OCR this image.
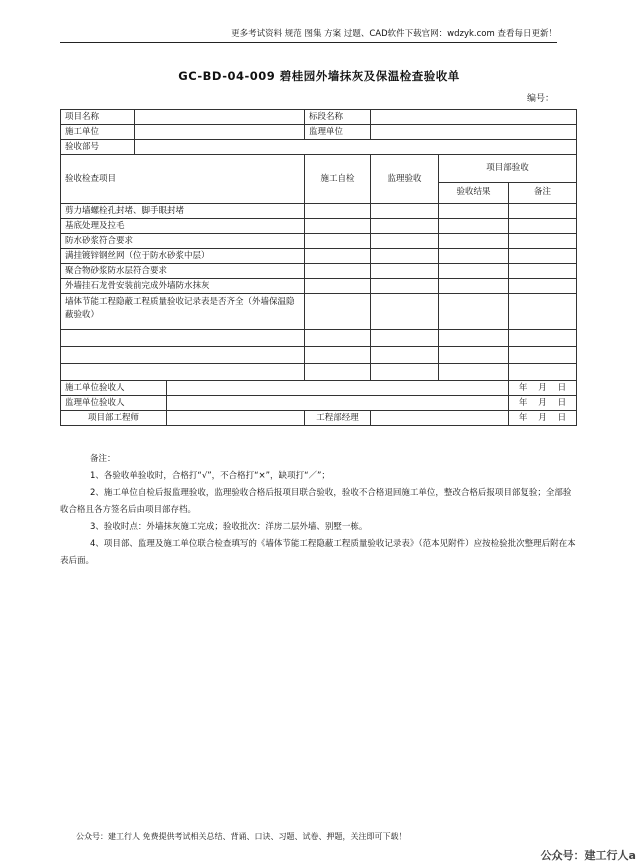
更多考试资料 规范 图集 方案 过题、CAD软件下载官网：wdzyk.com 查看每日更新！
GC-BD-04-009 碧桂园外墙抹灰及保温检查验收单
编号：
项目名称			标段名称			
施工单位			监理单位			
验收部号						
验收检查项目			施工自检	监理验收	项目部验收	
					验收结果	备注
剪力墙螺栓孔封堵、脚手眼封堵						
基底处理及拉毛						
防水砂浆符合要求						
满挂镀锌钢丝网（位于防水砂浆中层）						
聚合物砂浆防水层符合要求						
外墙挂石龙骨安装前完成外墙防水抹灰						
墙体节能工程隐蔽工程质量验收记录表是否齐全（外墙保温隐蔽验收）						

施工单位验收人						年 月 日
监理单位验收人						年 月 日
项目部工程师			工程部经理			年 月 日

备注：

1、各验收单验收时，合格打“√”，不合格打“×”，缺项打“／”；

2、施工单位自检后报监理验收，监理验收合格后报项目联合验收，验收不合格退回施工单位，整改合格后报项目部复验；全部验收合格且各方签名后由项目部存档。

3、验收时点：外墙抹灰施工完成；验收批次：洋房二层外墙、别墅一栋。

4、项目部、监理及施工单位联合检查填写的《墙体节能工程隐蔽工程质量验收记录表》（范本见附件）应按检验批次整理后附在本表后面。

公众号：建工行人 免费提供考试相关总结、背诵、口诀、习题、试卷、押题，关注即可下载！
公众号：建工行人a
